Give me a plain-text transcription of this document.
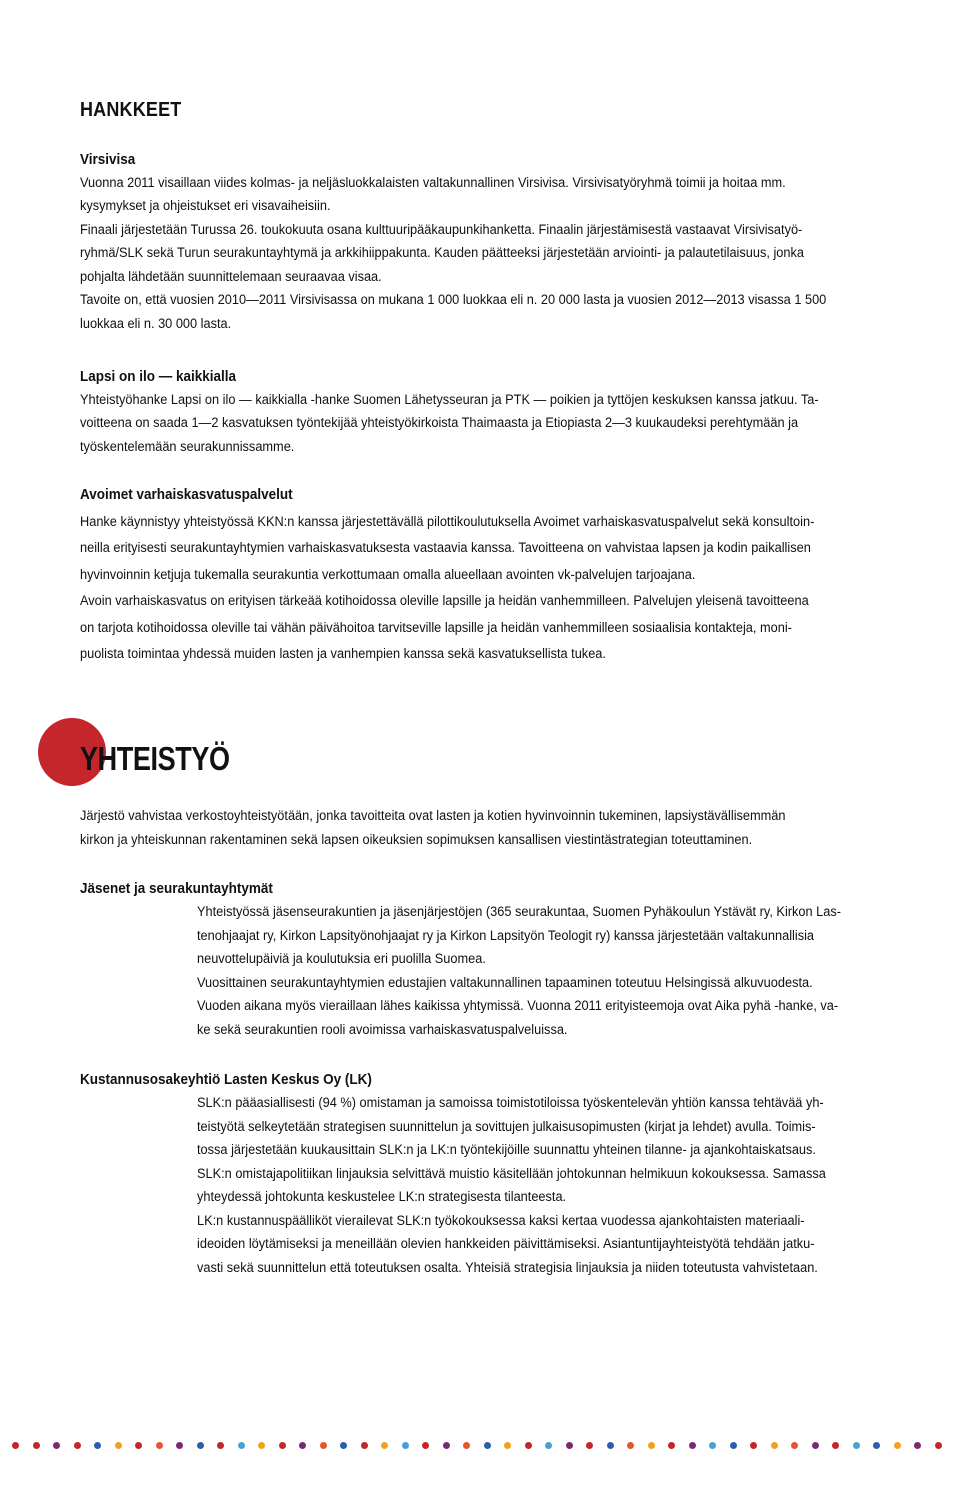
HANKKEET

Virsivisa

Vuonna 2011 visaillaan viides kolmas- ja neljäsluokkalaisten valtakunnallinen Virsivisa. Virsivisatyöryhmä toimii ja hoitaa mm.
kysymykset ja ohjeistukset eri visavaiheisiin.
Finaali järjestetään Turussa 26. toukokuuta osana kulttuuripääkaupunkihanketta. Finaalin järjestämisestä vastaavat Virsivisatyö-
ryhmä/SLK sekä Turun seurakuntayhtymä ja arkkihiippakunta. Kauden päätteeksi järjestetään arviointi- ja palautetilaisuus, jonka
pohjalta lähdetään suunnittelemaan seuraavaa visaa.
Tavoite on, että vuosien 2010—2011 Virsivisassa on mukana 1 000 luokkaa eli n. 20 000 lasta ja vuosien 2012—2013 visassa 1 500
luokkaa eli n. 30 000 lasta.

Lapsi on ilo — kaikkialla

Yhteistyöhanke Lapsi on ilo — kaikkialla -hanke Suomen Lähetysseuran ja PTK — poikien ja tyttöjen keskuksen kanssa jatkuu. Ta-
voitteena on saada 1—2 kasvatuksen työntekijää yhteistyökirkoista Thaimaasta ja Etiopiasta 2—3 kuukaudeksi perehtymään ja
työskentelemään seurakunnissamme.

Avoimet varhaiskasvatuspalvelut

Hanke käynnistyy yhteistyössä KKN:n kanssa järjestettävällä pilottikoulutuksella Avoimet varhaiskasvatuspalvelut sekä konsultoin-
neilla erityisesti seurakuntayhtymien varhaiskasvatuksesta vastaavia kanssa. Tavoitteena on vahvistaa lapsen ja kodin paikallisen
hyvinvoinnin ketjuja tukemalla seurakuntia verkottumaan omalla alueellaan avointen vk-palvelujen tarjoajana.
Avoin varhaiskasvatus on erityisen tärkeää kotihoidossa oleville lapsille ja heidän vanhemmilleen. Palvelujen yleisenä tavoitteena
on tarjota kotihoidossa oleville tai vähän päivähoitoa tarvitseville lapsille ja heidän vanhemmilleen sosiaalisia kontakteja, moni-
puolista toimintaa yhdessä muiden lasten ja vanhempien kanssa sekä kasvatuksellista tukea.
YHTEISTYÖ
Järjestö vahvistaa verkostoyhteistyötään, jonka tavoitteita ovat lasten ja kotien hyvinvoinnin tukeminen, lapsiystävällisemmän
kirkon ja yhteiskunnan rakentaminen sekä lapsen oikeuksien sopimuksen kansallisen viestintästrategian toteuttaminen.

Jäsenet ja seurakuntayhtymät

Yhteistyössä jäsenseurakuntien ja jäsenjärjestöjen (365 seurakuntaa, Suomen Pyhäkoulun Ystävät ry, Kirkon Las-
tenohjaajat ry, Kirkon Lapsityönohjaajat ry ja Kirkon Lapsityön Teologit ry) kanssa järjestetään valtakunnallisia
neuvottelupäiviä ja koulutuksia eri puolilla Suomea.
Vuosittainen seurakuntayhtymien edustajien valtakunnallinen tapaaminen toteutuu Helsingissä alkuvuodesta.
Vuoden aikana myös vieraillaan lähes kaikissa yhtymissä. Vuonna 2011 erityisteemoja ovat Aika pyhä -hanke, va-
ke sekä seurakuntien rooli avoimissa varhaiskasvatuspalveluissa.

Kustannusosakeyhtiö Lasten Keskus Oy (LK)

SLK:n pääasiallisesti (94 %) omistaman ja samoissa toimistotiloissa työskentelevän yhtiön kanssa tehtävää yh-
teistyötä selkeytetään strategisen suunnittelun ja sovittujen julkaisusopimusten (kirjat ja lehdet) avulla. Toimis-
tossa järjestetään kuukausittain SLK:n ja LK:n työntekijöille suunnattu yhteinen tilanne- ja ajankohtaiskatsaus.
SLK:n omistajapolitiikan linjauksia selvittävä muistio käsitellään johtokunnan helmikuun kokouksessa. Samassa
yhteydessä johtokunta keskustelee LK:n strategisesta tilanteesta.
LK:n kustannuspäälliköt vierailevat SLK:n työkokouksessa kaksi kertaa vuodessa ajankohtaisten materiaali-
ideoiden löytämiseksi ja meneillään olevien hankkeiden päivittämiseksi. Asiantuntijayhteistyötä tehdään jatku-
vasti sekä suunnittelun että toteutuksen osalta. Yhteisiä strategisia linjauksia ja niiden toteutusta vahvistetaan.
